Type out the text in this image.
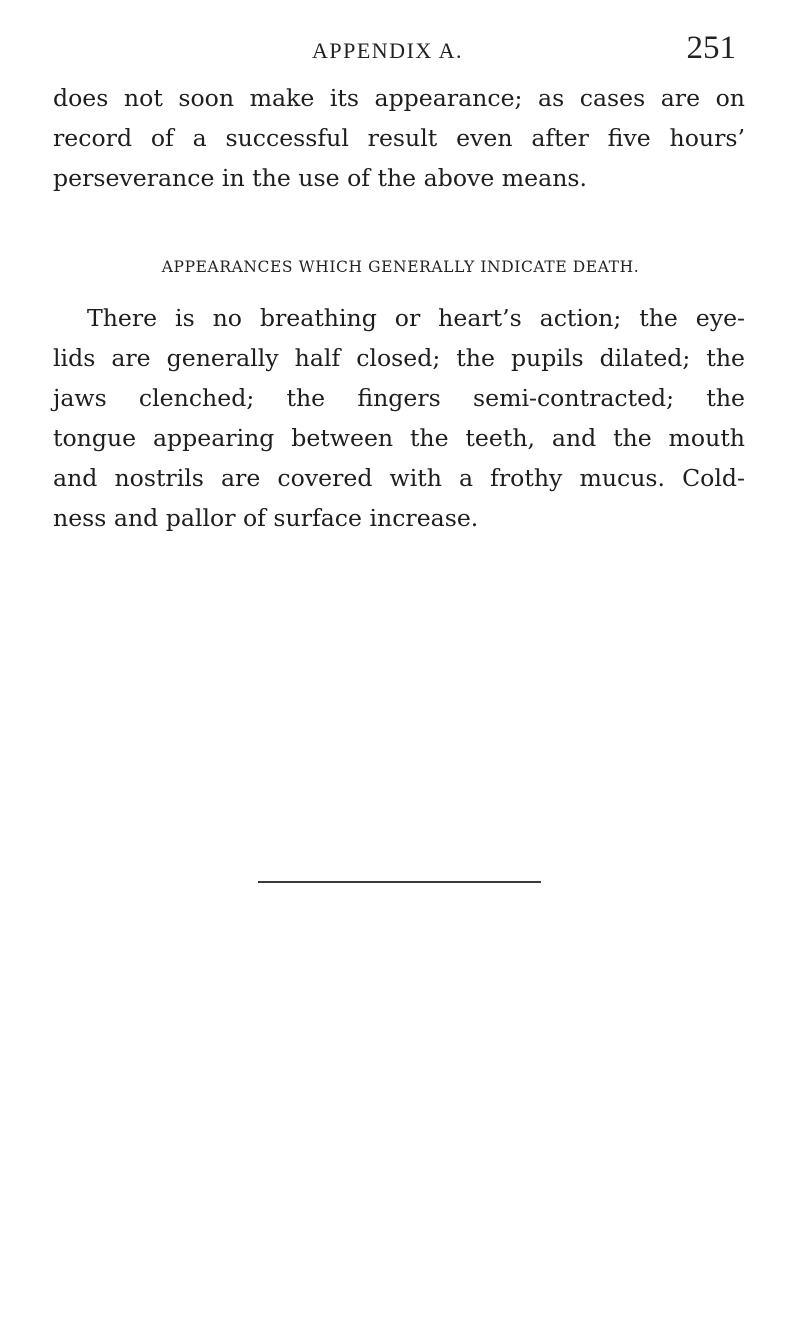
APPENDIX A.	251

does not soon make its appearance; as cases are on
record of a successful result even after five hours’
perseverance in the use of the above means.

APPEARANCES WHICH GENERALLY INDICATE DEATH.

There is no breathing or heart’s action; the eye-
lids are generally half closed; the pupils dilated; the
jaws clenched; the fingers semi-contracted; the
tongue appearing between the teeth, and the mouth
and nostrils are covered with a frothy mucus. Cold-
ness and pallor of surface increase.
